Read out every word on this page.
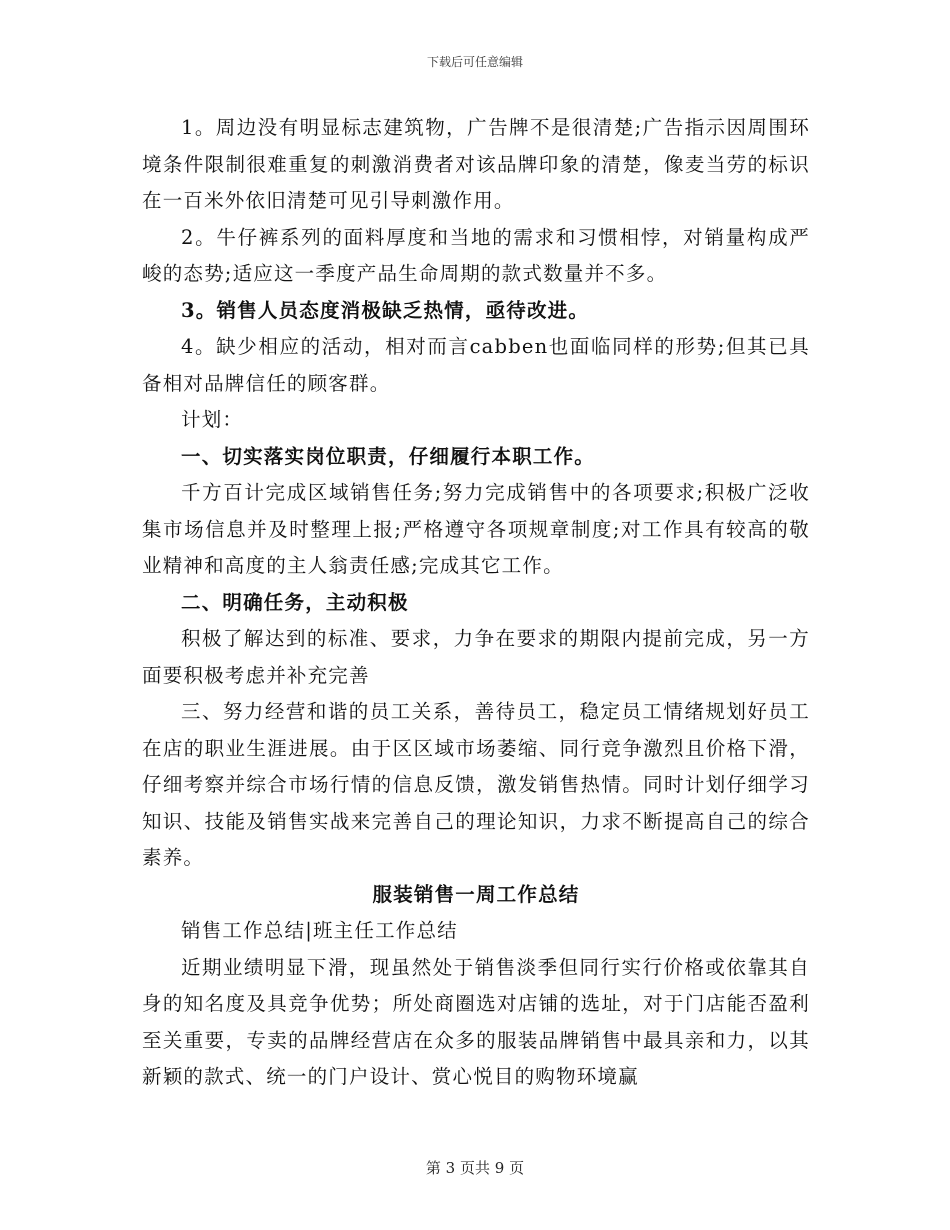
下载后可任意编辑

1。周边没有明显标志建筑物，广告牌不是很清楚;广告指示因周围环境条件限制很难重复的刺激消费者对该品牌印象的清楚，像麦当劳的标识在一百米外依旧清楚可见引导刺激作用。

2。牛仔裤系列的面料厚度和当地的需求和习惯相悖，对销量构成严峻的态势;适应这一季度产品生命周期的款式数量并不多。

3。销售人员态度消极缺乏热情，亟待改进。

4。缺少相应的活动，相对而言cabben也面临同样的形势;但其已具备相对品牌信任的顾客群。

计划：

一、切实落实岗位职责，仔细履行本职工作。

千方百计完成区域销售任务;努力完成销售中的各项要求;积极广泛收集市场信息并及时整理上报;严格遵守各项规章制度;对工作具有较高的敬业精神和高度的主人翁责任感;完成其它工作。

二、明确任务，主动积极

积极了解达到的标准、要求，力争在要求的期限内提前完成，另一方面要积极考虑并补充完善

三、努力经营和谐的员工关系，善待员工，稳定员工情绪规划好员工在店的职业生涯进展。由于区区域市场萎缩、同行竞争激烈且价格下滑，仔细考察并综合市场行情的信息反馈，激发销售热情。同时计划仔细学习知识、技能及销售实战来完善自己的理论知识，力求不断提高自己的综合素养。

服装销售一周工作总结

销售工作总结|班主任工作总结

近期业绩明显下滑，现虽然处于销售淡季但同行实行价格或依靠其自身的知名度及具竞争优势；所处商圈选对店铺的选址，对于门店能否盈利至关重要，专卖的品牌经营店在众多的服装品牌销售中最具亲和力，以其新颖的款式、统一的门户设计、赏心悦目的购物环境赢

第 3 页共 9 页
